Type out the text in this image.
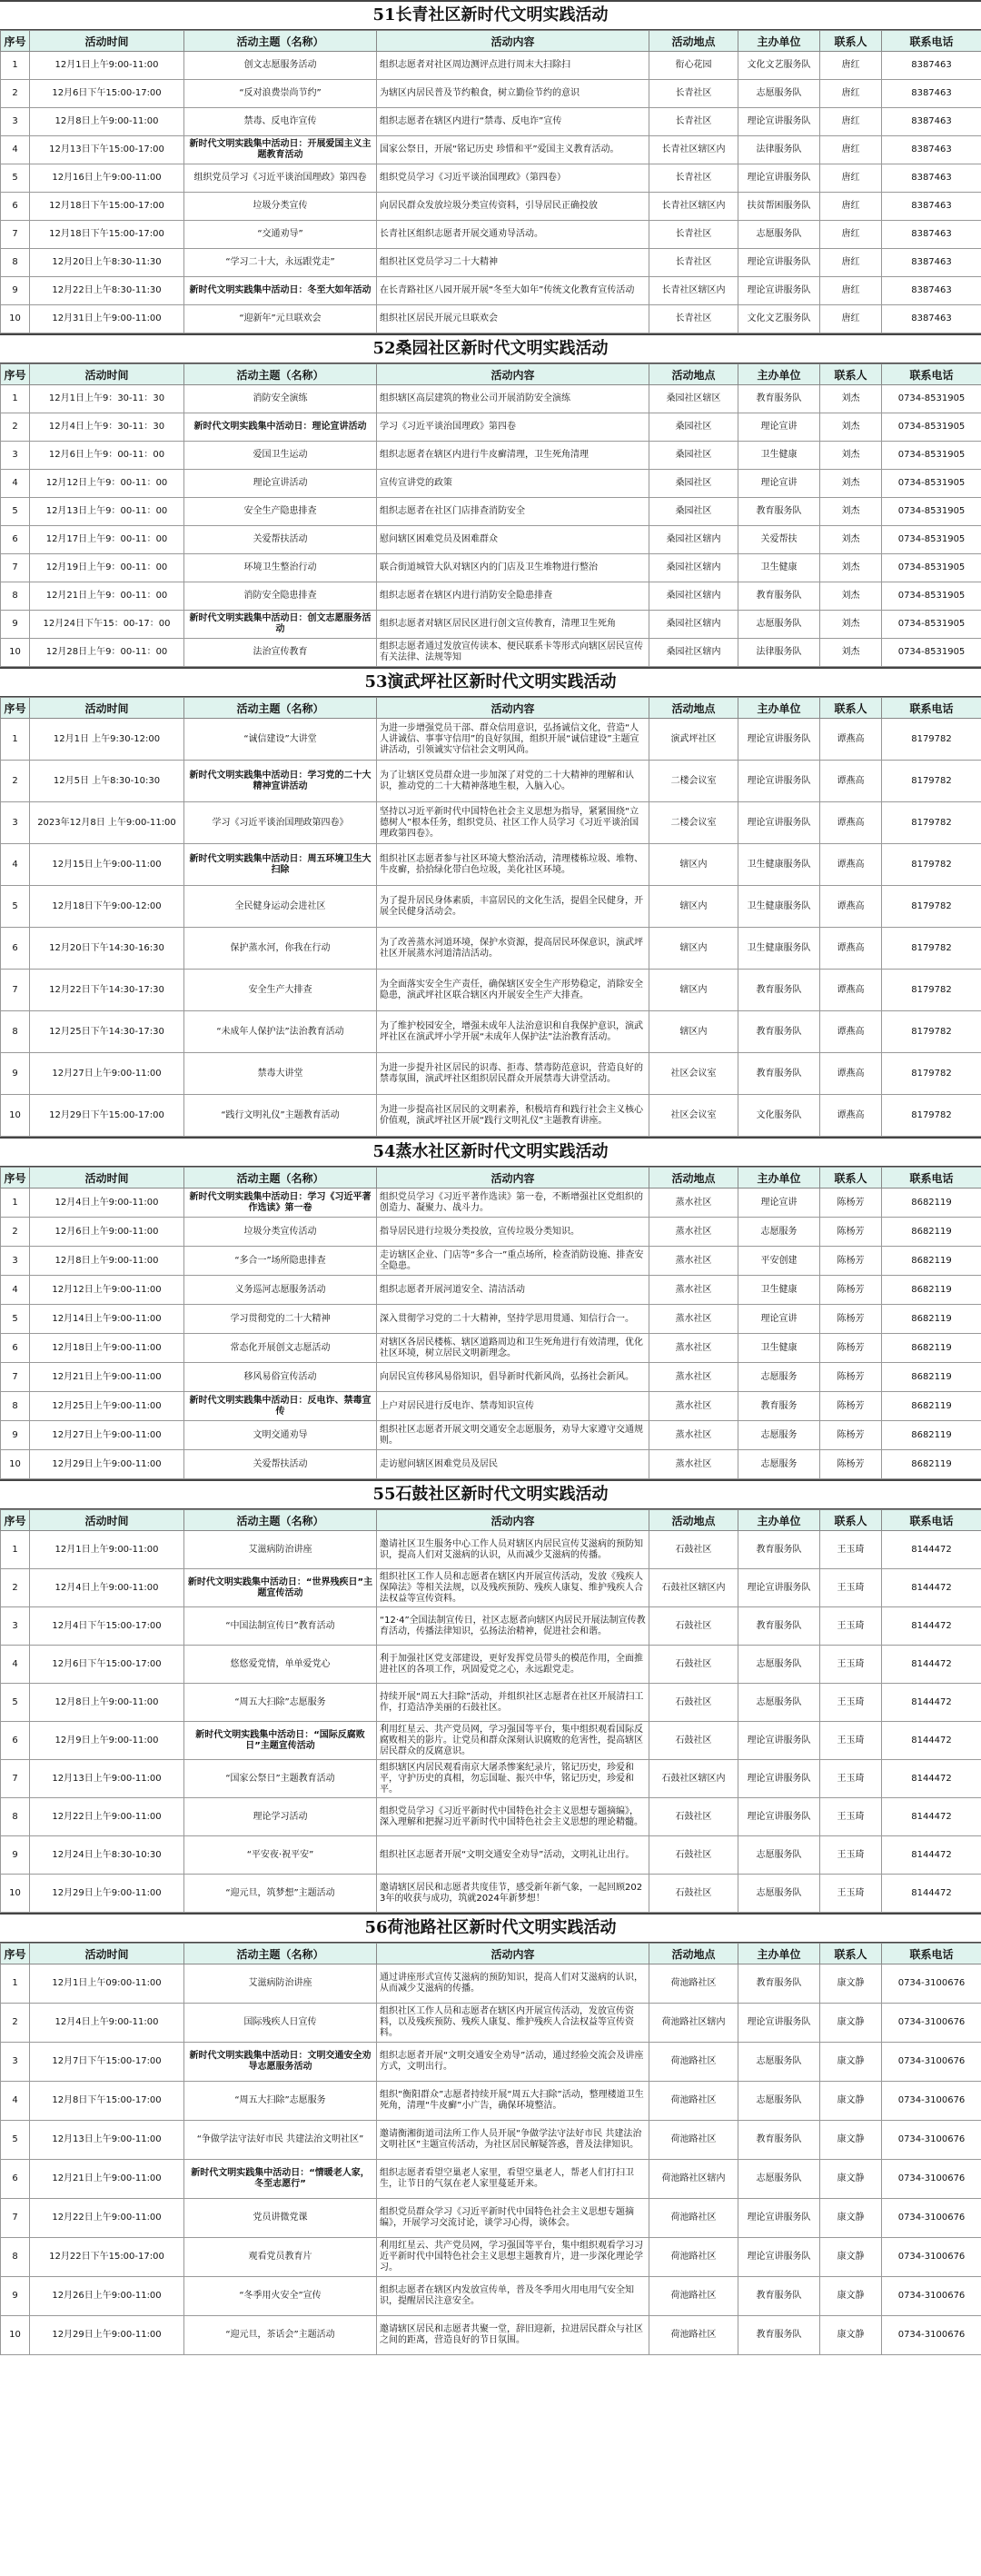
51长青社区新时代文明实践活动
序号	活动时间	活动主题（名称）	活动内容	活动地点	主办单位	联系人	联系电话
1	12月1日上午9:00-11:00	创文志愿服务活动	组织志愿者对社区周边测评点进行周末大扫除扫	衔心花园	文化文艺服务队	唐红	8387463
2	12月6日下午15:00-17:00	“反对浪费崇尚节约”	为辖区内居民普及节约粮食，树立勤俭节约的意识	长青社区	志愿服务队	唐红	8387463
3	12月8日上午9:00-11:00	禁毒、反电诈宣传	组织志愿者在辖区内进行“禁毒、反电诈”宣传	长青社区	理论宣讲服务队	唐红	8387463
4	12月13日下午15:00-17:00	新时代文明实践集中活动日：开展爱国主义主题教育活动	国家公祭日，开展“铭记历史 珍惜和平”爱国主义教育活动。	长青社区辖区内	法律服务队	唐红	8387463
5	12月16日上午9:00-11:00	组织党员学习《习近平谈治国理政》第四卷	组织党员学习《习近平谈治国理政》（第四卷）	长青社区	理论宣讲服务队	唐红	8387463
6	12月18日下午15:00-17:00	垃圾分类宣传	向居民群众发放垃圾分类宣传资料，引导居民正确投放	长青社区辖区内	扶贫帮困服务队	唐红	8387463
7	12月18日下午15:00-17:00	“交通劝导”	长青社区组织志愿者开展交通劝导活动。	长青社区	志愿服务队	唐红	8387463
8	12月20日上午8:30-11:30	“学习二十大，永远跟党走”	组织社区党员学习二十大精神	长青社区	理论宣讲服务队	唐红	8387463
9	12月22日上午8:30-11:30	新时代文明实践集中活动日：冬至大如年活动	在长青路社区八园开展开展“冬至大如年”传统文化教育宣传活动	长青社区辖区内	理论宣讲服务队	唐红	8387463
10	12月31日上午9:00-11:00	“迎新年”元旦联欢会	组织社区居民开展元旦联欢会	长青社区	文化文艺服务队	唐红	8387463
52桑园社区新时代文明实践活动
序号	活动时间	活动主题（名称）	活动内容	活动地点	主办单位	联系人	联系电话
1	12月1日上午9：30-11：30	消防安全演练	组织辖区高层建筑的物业公司开展消防安全演练	桑园社区辖区	教育服务队	刘杰	0734-8531905
2	12月4日上午9：30-11：30	新时代文明实践集中活动日：理论宣讲活动	学习《习近平谈治国理政》第四卷	桑园社区	理论宣讲	刘杰	0734-8531905
3	12月6日上午9：00-11：00	爱国卫生运动	组织志愿者在辖区内进行牛皮癣清理，卫生死角清理	桑园社区	卫生健康	刘杰	0734-8531905
4	12月12日上午9：00-11：00	理论宣讲活动	宣传宣讲党的政策	桑园社区	理论宣讲	刘杰	0734-8531905
5	12月13日上午9：00-11：00	安全生产隐患排查	组织志愿者在社区门店排查消防安全	桑园社区	教育服务队	刘杰	0734-8531905
6	12月17日上午9：00-11：00	关爱帮扶活动	慰问辖区困难党员及困难群众	桑园社区辖内	关爱帮扶	刘杰	0734-8531905
7	12月19日上午9：00-11：00	环境卫生整治行动	联合街道城管大队对辖区内的门店及卫生堆物进行整治	桑园社区辖内	卫生健康	刘杰	0734-8531905
8	12月21日上午9：00-11：00	消防安全隐患排查	组织志愿者在辖区内进行消防安全隐患排查	桑园社区辖内	教育服务队	刘杰	0734-8531905
9	12月24日下午15：00-17：00	新时代文明实践集中活动日：创文志愿服务活动	组织志愿者对辖区居民区进行创文宣传教育，清理卫生死角	桑园社区辖内	志愿服务队	刘杰	0734-8531905
10	12月28日上午9：00-11：00	法治宣传教育	组织志愿者通过发放宣传读本、便民联系卡等形式向辖区居民宣传有关法律、法规等知	桑园社区辖内	法律服务队	刘杰	0734-8531905
53演武坪社区新时代文明实践活动
序号	活动时间	活动主题（名称）	活动内容	活动地点	主办单位	联系人	联系电话
1	12月1日 上午9:30-12:00	“诚信建设”大讲堂	为进一步增强党员干部、群众信用意识，弘扬诚信文化，营造“人人讲诚信、事事守信用”的良好氛围，组织开展“诚信建设”主题宣讲活动，引领诚实守信社会文明风尚。	演武坪社区	理论宣讲服务队	谭燕高	8179782
2	12月5日 上午8:30-10:30	新时代文明实践集中活动日：学习党的二十大精神宣讲活动	为了让辖区党员群众进一步加深了对党的二十大精神的理解和认识，推动党的二十大精神落地生根，入脑入心。	二楼会议室	理论宣讲服务队	谭燕高	8179782
3	2023年12月8日 上午9:00-11:00	学习《习近平谈治国理政第四卷》	坚持以习近平新时代中国特色社会主义思想为指导，紧紧围绕“立德树人”根本任务，组织党员、社区工作人员学习《习近平谈治国理政第四卷》。	二楼会议室	理论宣讲服务队	谭燕高	8179782
4	12月15日上午9:00-11:00	新时代文明实践集中活动日：周五环境卫生大扫除	组织社区志愿者参与社区环境大整治活动，清理楼栋垃圾、堆物、牛皮癣，拾拾绿化带白色垃圾，美化社区环境。	辖区内	卫生健康服务队	谭燕高	8179782
5	12月18日下午9:00-12:00	全民健身运动会进社区	为了提升居民身体素质，丰富居民的文化生活，提倡全民健身，开展全民健身活动会。	辖区内	卫生健康服务队	谭燕高	8179782
6	12月20日下午14:30-16:30	保护蒸水河，你我在行动	为了改善蒸水河道环境，保护水资源，提高居民环保意识，演武坪社区开展蒸水河道清洁活动。	辖区内	卫生健康服务队	谭燕高	8179782
7	12月22日下午14:30-17:30	安全生产大排查	为全面落实安全生产责任，确保辖区安全生产形势稳定，消除安全隐患，演武坪社区联合辖区内开展安全生产大排查。	辖区内	教育服务队	谭燕高	8179782
8	12月25日下午14:30-17:30	“未成年人保护法”法治教育活动	为了维护校园安全，增强未成年人法治意识和自我保护意识，演武坪社区在演武坪小学开展“未成年人保护法”法治教育活动。	辖区内	教育服务队	谭燕高	8179782
9	12月27日上午9:00-11:00	禁毒大讲堂	为进一步提升社区居民的识毒、拒毒、禁毒防范意识，营造良好的禁毒氛围，演武坪社区组织居民群众开展禁毒大讲堂活动。	社区会议室	教育服务队	谭燕高	8179782
10	12月29日下午15:00-17:00	“践行文明礼仪”主题教育活动	为进一步提高社区居民的文明素养，积极培育和践行社会主义核心价值观，演武坪社区开展“践行文明礼仪”主题教育讲座。	社区会议室	文化服务队	谭燕高	8179782
54蒸水社区新时代文明实践活动
序号	活动时间	活动主题（名称）	活动内容	活动地点	主办单位	联系人	联系电话
1	12月4日上午9:00-11:00	新时代文明实践集中活动日：学习《习近平著作选读》第一卷	组织党员学习《习近平著作选读》第一卷，不断增强社区党组织的创造力、凝聚力、战斗力。	蒸水社区	理论宣讲	陈杨芳	8682119
2	12月6日上午9:00-11:00	垃圾分类宣传活动	指导居民进行垃圾分类投放，宣传垃圾分类知识。	蒸水社区	志愿服务	陈杨芳	8682119
3	12月8日上午9:00-11:00	“多合一”场所隐患排查	走访辖区企业、门店等“多合一”重点场所，检查消防设施、排查安全隐患。	蒸水社区	平安创建	陈杨芳	8682119
4	12月12日上午9:00-11:00	义务巡河志愿服务活动	组织志愿者开展河道安全、清洁活动	蒸水社区	卫生健康	陈杨芳	8682119
5	12月14日上午9:00-11:00	学习贯彻党的二十大精神	深入贯彻学习党的二十大精神，坚持学思用贯通、知信行合一。	蒸水社区	理论宣讲	陈杨芳	8682119
6	12月18日上午9:00-11:00	常态化开展创文志愿活动	对辖区各居民楼栋、辖区道路周边和卫生死角进行有效清理，优化社区环境，树立居民文明新理念。	蒸水社区	卫生健康	陈杨芳	8682119
7	12月21日上午9:00-11:00	移风易俗宣传活动	向居民宣传移风易俗知识，倡导新时代新风尚，弘扬社会新风。	蒸水社区	志愿服务	陈杨芳	8682119
8	12月25日上午9:00-11:00	新时代文明实践集中活动日：反电诈、禁毒宣传	上户对居民进行反电诈、禁毒知识宣传	蒸水社区	教育服务	陈杨芳	8682119
9	12月27日上午9:00-11:00	文明交通劝导	组织社区志愿者开展文明交通安全志愿服务，劝导大家遵守交通规则。	蒸水社区	志愿服务	陈杨芳	8682119
10	12月29日上午9:00-11:00	关爱帮扶活动	走访慰问辖区困难党员及居民	蒸水社区	志愿服务	陈杨芳	8682119
55石鼓社区新时代文明实践活动
序号	活动时间	活动主题（名称）	活动内容	活动地点	主办单位	联系人	联系电话
1	12月1日上午9:00-11:00	艾滋病防治讲座	邀请社区卫生服务中心工作人员对辖区内居民宣传艾滋病的预防知识，提高人们对艾滋病的认识，从而减少艾滋病的传播。	石鼓社区	教育服务队	王玉琦	8144472
2	12月4日上午9:00-11:00	新时代文明实践集中活动日：“世界残疾日”主题宣传活动	组织社区工作人员和志愿者在辖区内开展宣传活动，发放《残疾人保障法》等相关法规，以及残疾预防、残疾人康复、维护残疾人合法权益等宣传资料。	石鼓社区辖区内	理论宣讲服务队	王玉琦	8144472
3	12月4日下午15:00-17:00	“中国法制宣传日”教育活动	“12·4”全国法制宣传日，社区志愿者向辖区内居民开展法制宣传教育活动，传播法律知识，弘扬法治精神，促进社会和谐。	石鼓社区	教育服务队	王玉琦	8144472
4	12月6日下午15:00-17:00	悠悠爱党情，单单爱党心	利于加强社区党支部建设，更好发挥党员带头的模范作用，全面推进社区的各项工作，巩固爱党之心，永远跟党走。	石鼓社区	志愿服务队	王玉琦	8144472
5	12月8日上午9:00-11:00	“周五大扫除”志愿服务	持续开展“周五大扫除”活动，并组织社区志愿者在社区开展清扫工作，打造洁净美丽的石鼓社区。	石鼓社区	志愿服务队	王玉琦	8144472
6	12月9日上午9:00-11:00	新时代文明实践集中活动日：“国际反腐败日”主题宣传活动	利用红星云、共产党员网，学习强国等平台，集中组织观看国际反腐败相关的影片。让党员和群众深刻认识腐败的危害性，提高辖区居民群众的反腐意识。	石鼓社区	理论宣讲服务队	王玉琦	8144472
7	12月13日上午9:00-11:00	“国家公祭日”主题教育活动	组织辖区内居民观看南京大屠杀惨案纪录片，铭记历史，珍爱和平，守护历史的真相，勿忘国耻、振兴中华，铭记历史，珍爱和平。	石鼓社区辖区内	理论宣讲服务队	王玉琦	8144472
8	12月22日上午9:00-11:00	理论学习活动	组织党员学习《习近平新时代中国特色社会主义思想专题摘编》，深入理解和把握习近平新时代中国特色社会主义思想的理论精髓。	石鼓社区	理论宣讲服务队	王玉琦	8144472
9	12月24日上午8:30-10:30	“平安夜·祝平安”	组织社区志愿者开展“文明交通安全劝导”活动，文明礼让出行。	石鼓社区	志愿服务队	王玉琦	8144472
10	12月29日上午9:00-11:00	“迎元旦，筑梦想”主题活动	邀请辖区居民和志愿者共度佳节，感受新年新气象，一起回顾2023年的收获与成功，筑就2024年新梦想！	石鼓社区	志愿服务队	王玉琦	8144472
56荷池路社区新时代文明实践活动
序号	活动时间	活动主题（名称）	活动内容	活动地点	主办单位	联系人	联系电话
1	12月1日上午09:00-11:00	艾滋病防治讲座	通过讲座形式宣传艾滋病的预防知识，提高人们对艾滋病的认识，从而减少艾滋病的传播。	荷池路社区	教育服务队	康文静	0734-3100676
2	12月4日上午9:00-11:00	国际残疾人日宣传	组织社区工作人员和志愿者在辖区内开展宣传活动，发放宣传资料，以及残疾预防、残疾人康复、维护残疾人合法权益等宣传资料。	荷池路社区辖内	理论宣讲服务队	康文静	0734-3100676
3	12月7日下午15:00-17:00	新时代文明实践集中活动日：文明交通安全劝导志愿服务活动	组织志愿者开展“文明交通安全劝导”活动，通过经验交流会及讲座方式，文明出行。	荷池路社区	志愿服务队	康文静	0734-3100676
4	12月8日下午15:00-17:00	“周五大扫除”志愿服务	组织“衡阳群众”志愿者持续开展“周五大扫除”活动，整理楼道卫生死角，清理“牛皮癣”小广告，确保环境整洁。	荷池路社区	志愿服务队	康文静	0734-3100676
5	12月13日上午9:00-11:00	“争做学法守法好市民 共建法治文明社区”	邀请衡湘街道司法所工作人员开展“争做学法守法好市民 共建法治文明社区”主题宣传活动，为社区居民解疑答惑，普及法律知识。	荷池路社区	教育服务队	康文静	0734-3100676
6	12月21日上午9:00-11:00	新时代文明实践集中活动日：“情暖老人家，冬至志愿行”	组织志愿者看望空巢老人家里，看望空巢老人，帮老人们打扫卫生，让节日的气氛在老人家里蔓延开来。	荷池路社区辖内	志愿服务队	康文静	0734-3100676
7	12月22日上午9:00-11:00	党员讲微党课	组织党员群众学习《习近平新时代中国特色社会主义思想专题摘编》，开展学习交流讨论，谈学习心得，谈体会。	荷池路社区	理论宣讲服务队	康文静	0734-3100676
8	12月22日下午15:00-17:00	观看党员教育片	利用红星云、共产党员网，学习强国等平台，集中组织观看学习习近平新时代中国特色社会主义思想主题教育片，进一步深化理论学习。	荷池路社区	理论宣讲服务队	康文静	0734-3100676
9	12月26日上午9:00-11:00	“冬季用火安全”宣传	组织志愿者在辖区内发放宣传单，普及冬季用火用电用气安全知识，提醒居民注意安全。	荷池路社区	教育服务队	康文静	0734-3100676
10	12月29日上午9:00-11:00	“迎元旦，茶话会”主题活动	邀请辖区居民和志愿者共聚一堂，辞旧迎新，拉进居民群众与社区之间的距离，营造良好的节日氛围。	荷池路社区	教育服务队	康文静	0734-3100676
